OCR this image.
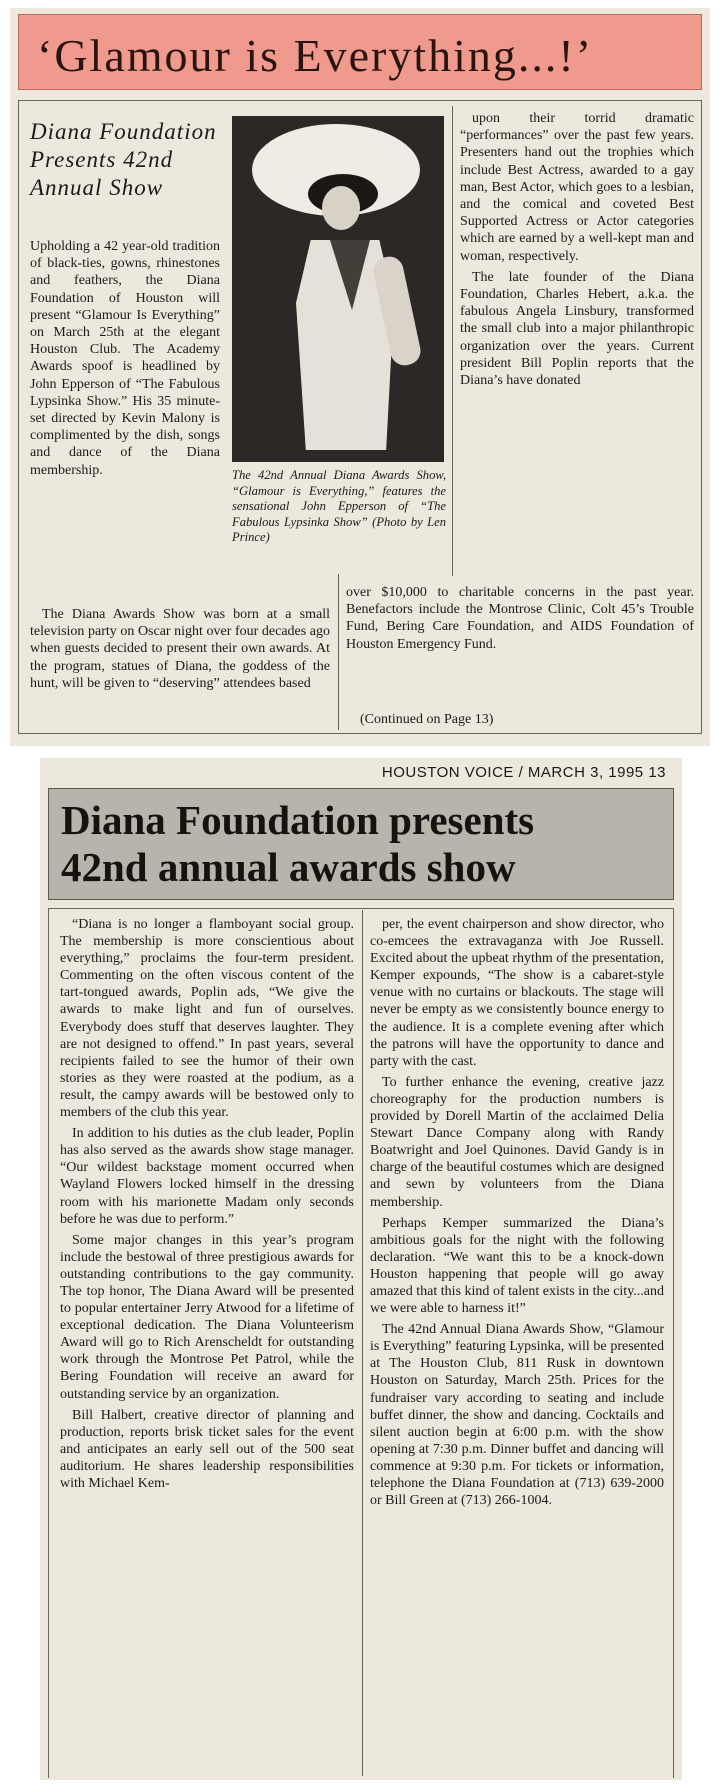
‘Glamour is Everything...!’
Diana Foundation Presents 42nd Annual Show

Upholding a 42 year-old tradition of black-ties, gowns, rhinestones and feathers, the Diana Foundation of Houston will present “Glamour Is Everything” on March 25th at the elegant Houston Club. The Academy Awards spoof is headlined by John Epperson of “The Fabulous Lypsinka Show.” His 35 minute-set directed by Kevin Malony is complimented by the dish, songs and dance of the Diana membership.	The 42nd Annual Diana Awards Show, “Glamour is Everything,” features the sensational John Epperson of “The Fabulous Lypsinka Show” (Photo by Len Prince)

upon their torrid dramatic “performances” over the past few years. Presenters hand out the trophies which include Best Actress, awarded to a gay man, Best Actor, which goes to a lesbian, and the comical and coveted Best Supported Actress or Actor categories which are earned by a well-kept man and woman, respectively.

The late founder of the Diana Foundation, Charles Hebert, a.k.a. the fabulous Angela Linsbury, transformed the small club into a major philanthropic organization over the years. Current president Bill Poplin reports that the Diana’s have donated

The Diana Awards Show was born at a small television party on Oscar night over four decades ago when guests decided to present their own awards. At the program, statues of Diana, the goddess of the hunt, will be given to “deserving” attendees based

over $10,000 to charitable concerns in the past year. Benefactors include the Montrose Clinic, Colt 45’s Trouble Fund, Bering Care Foundation, and AIDS Foundation of Houston Emergency Fund.

(Continued on Page 13)
HOUSTON VOICE / MARCH 3, 1995 13
Diana Foundation presents
42nd annual awards show

“Diana is no longer a flamboyant social group. The membership is more conscientious about everything,” proclaims the four-term president. Commenting on the often viscous content of the tart-tongued awards, Poplin ads, “We give the awards to make light and fun of ourselves. Everybody does stuff that deserves laughter. They are not designed to offend.” In past years, several recipients failed to see the humor of their own stories as they were roasted at the podium, as a result, the campy awards will be bestowed only to members of the club this year.

In addition to his duties as the club leader, Poplin has also served as the awards show stage manager. “Our wildest backstage moment occurred when Wayland Flowers locked himself in the dressing room with his marionette Madam only seconds before he was due to perform.”

Some major changes in this year’s program include the bestowal of three prestigious awards for outstanding contributions to the gay community. The top honor, The Diana Award will be presented to popular entertainer Jerry Atwood for a lifetime of exceptional dedication. The Diana Volunteerism Award will go to Rich Arenscheldt for outstanding work through the Montrose Pet Patrol, while the Bering Foundation will receive an award for outstanding service by an organization.

Bill Halbert, creative director of planning and production, reports brisk ticket sales for the event and anticipates an early sell out of the 500 seat auditorium. He shares leadership responsibilities with Michael Kem-

per, the event chairperson and show director, who co-emcees the extravaganza with Joe Russell. Excited about the upbeat rhythm of the presentation, Kemper expounds, “The show is a cabaret-style venue with no curtains or blackouts. The stage will never be empty as we consistently bounce energy to the audience. It is a complete evening after which the patrons will have the opportunity to dance and party with the cast.

To further enhance the evening, creative jazz choreography for the production numbers is provided by Dorell Martin of the acclaimed Delia Stewart Dance Company along with Randy Boatwright and Joel Quinones. David Gandy is in charge of the beautiful costumes which are designed and sewn by volunteers from the Diana membership.

Perhaps Kemper summarized the Diana’s ambitious goals for the night with the following declaration. “We want this to be a knock-down Houston happening that people will go away amazed that this kind of talent exists in the city...and we were able to harness it!”

The 42nd Annual Diana Awards Show, “Glamour is Everything” featuring Lypsinka, will be presented at The Houston Club, 811 Rusk in downtown Houston on Saturday, March 25th. Prices for the fundraiser vary according to seating and include buffet dinner, the show and dancing. Cocktails and silent auction begin at 6:00 p.m. with the show opening at 7:30 p.m. Dinner buffet and dancing will commence at 9:30 p.m. For tickets or information, telephone the Diana Foundation at (713) 639-2000 or Bill Green at (713) 266-1004.
